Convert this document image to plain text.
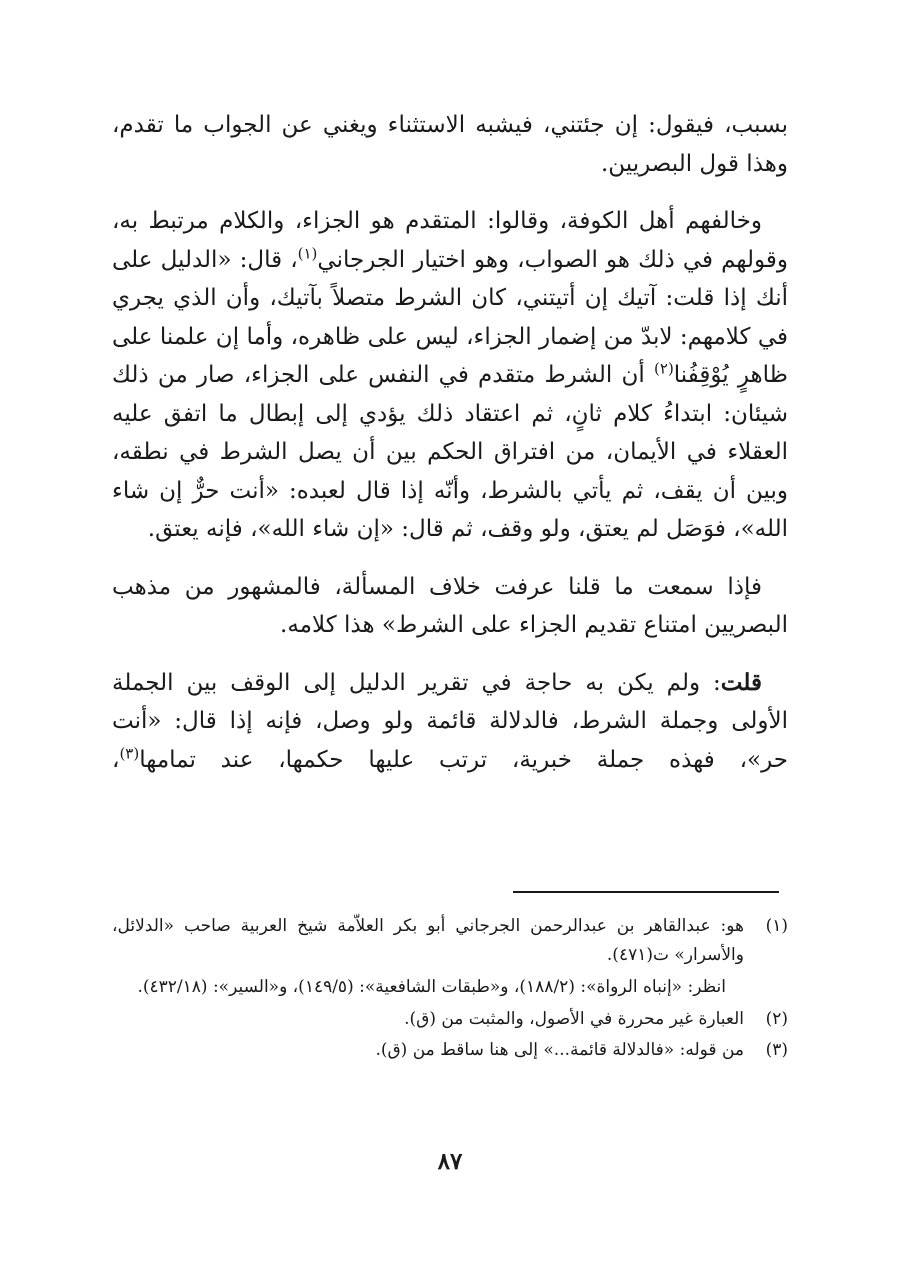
بسبب، فيقول: إن جئتني، فيشبه الاستثناء ويغني عن الجواب ما تقدم، وهذا قول البصريين.

وخالفهم أهل الكوفة، وقالوا: المتقدم هو الجزاء، والكلام مرتبط به، وقولهم في ذلك هو الصواب، وهو اختيار الجرجاني$^{(١)}$، قال: «الدليل على أنك إذا قلت: آتيك إن أتيتني، كان الشرط متصلاً بآتيك، وأن الذي يجري في كلامهم: لابدّ من إضمار الجزاء، ليس على ظاهره، وأما إن علمنا على ظاهرٍ يُوْقِفُنا$^{(٢)}$ أن الشرط متقدم في النفس على الجزاء، صار من ذلك شيئان: ابتداءُ كلام ثانٍ، ثم اعتقاد ذلك يؤدي إلى إبطال ما اتفق عليه العقلاء في الأيمان، من افتراق الحكم بين أن يصل الشرط في نطقه، وبين أن يقف، ثم يأتي بالشرط، وأنّه إذا قال لعبده: «أنت حرٌّ إن شاء الله»، فوَصَل لم يعتق، ولو وقف، ثم قال: «إن شاء الله»، فإنه يعتق.

فإذا سمعت ما قلنا عرفت خلاف المسألة، فالمشهور من مذهب البصريين امتناع تقديم الجزاء على الشرط» هذا كلامه.

قلت: ولم يكن به حاجة في تقرير الدليل إلى الوقف بين الجملة الأولى وجملة الشرط، فالدلالة قائمة ولو وصل، فإنه إذا قال: «أنت حر»، فهذه جملة خبرية، ترتب عليها حكمها، عند تمامها$^{(٣)}$،

(١)
هو: عبدالقاهر بن عبدالرحمن الجرجاني أبو بكر العلاّمة شيخ العربية صاحب «الدلائل، والأسرار» ت(٤٧١).
انظر: «إنباه الرواة»: (١٨٨/٢)، و«طبقات الشافعية»: (١٤٩/٥)، و«السير»: (٤٣٢/١٨).
(٢)
العبارة غير محررة في الأصول، والمثبت من (ق).
(٣)
من قوله: «فالدلالة قائمة...» إلى هنا ساقط من (ق).
٨٧
